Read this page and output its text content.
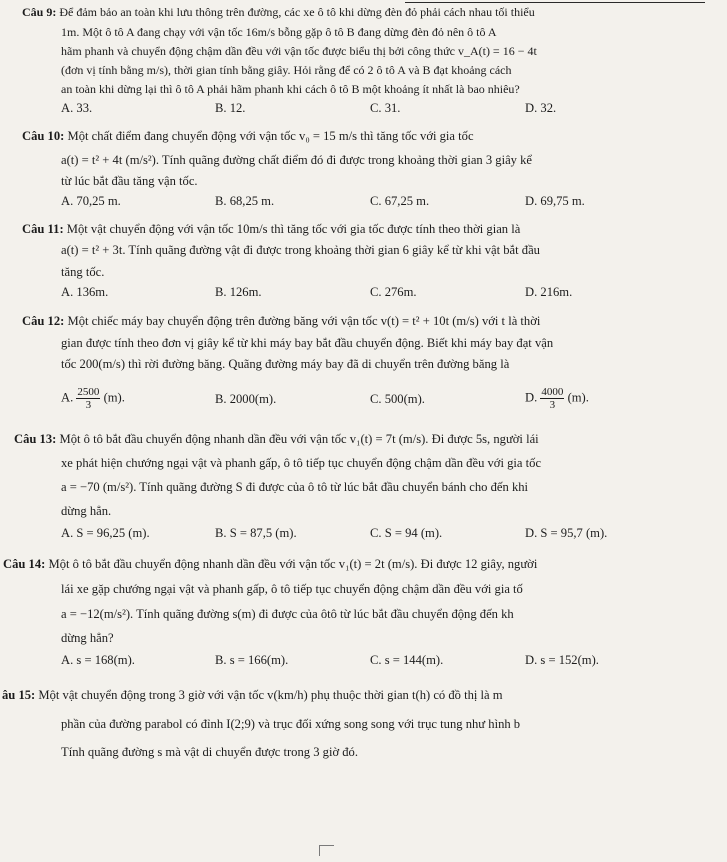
Câu 9: Để đảm bảo an toàn khi lưu thông trên đường, các xe ô tô khi dừng đèn đỏ phải cách nhau tối thiểu
1m. Một ô tô A đang chạy với vận tốc 16m/s bỗng gặp ô tô B đang dừng đèn đỏ nên ô tô A
hãm phanh và chuyển động chậm dần đều với vận tốc được biểu thị bởi công thức v_A(t) = 16 − 4t
(đơn vị tính bằng m/s), thời gian tính bằng giây. Hỏi rằng để có 2 ô tô A và B đạt khoảng cách
an toàn khi dừng lại thì ô tô A phải hãm phanh khi cách ô tô B một khoảng ít nhất là bao nhiêu?
A. 33.	B. 12.	C. 31.	D. 32.
Câu 10: Một chất điểm đang chuyển động với vận tốc v₀ = 15 m/s thì tăng tốc với gia tốc
a(t) = t² + 4t (m/s²). Tính quãng đường chất điểm đó đi được trong khoảng thời gian 3 giây kể
từ lúc bắt đầu tăng vận tốc.
A. 70,25 m.	B. 68,25 m.	C. 67,25 m.	D. 69,75 m.
Câu 11: Một vật chuyển động với vận tốc 10m/s thì tăng tốc với gia tốc được tính theo thời gian là
a(t) = t² + 3t. Tính quãng đường vật đi được trong khoảng thời gian 6 giây kể từ khi vật bắt đầu
tăng tốc.
A. 136m.	B. 126m.	C. 276m.	D. 216m.
Câu 12: Một chiếc máy bay chuyển động trên đường băng với vận tốc v(t) = t² + 10t (m/s) với t là thời
gian được tính theo đơn vị giây kể từ khi máy bay bắt đầu chuyển động. Biết khi máy bay đạt vận
tốc 200(m/s) thì rời đường băng. Quãng đường máy bay đã di chuyển trên đường băng là
A. $\frac{2500}{3} (m)$.	B. 2000(m).	C. 500(m).	D. $\frac{4000}{3} (m)$.
Câu 13: Một ô tô bắt đầu chuyển động nhanh dần đều với vận tốc v₁(t) = 7t (m/s). Đi được 5s, người lái
xe phát hiện chướng ngại vật và phanh gấp, ô tô tiếp tục chuyển động chậm dần đều với gia tốc
a = −70 (m/s²). Tính quãng đường S đi được của ô tô từ lúc bắt đầu chuyển bánh cho đến khi
dừng hẳn.
A. S = 96,25 (m).	B. S = 87,5 (m).	C. S = 94 (m).	D. S = 95,7 (m).
Câu 14: Một ô tô bắt đầu chuyển động nhanh dần đều với vận tốc v₁(t) = 2t (m/s). Đi được 12 giây, người
lái xe gặp chướng ngại vật và phanh gấp, ô tô tiếp tục chuyển động chậm dần đều với gia tố
a = −12(m/s²). Tính quãng đường s(m) đi được của ôtô từ lúc bắt đầu chuyển động đến kh
dừng hẳn?
A. s = 168(m).	B. s = 166(m).	C. s = 144(m).	D. s = 152(m).
âu 15: Một vật chuyển động trong 3 giờ với vận tốc v(km/h) phụ thuộc thời gian t(h) có đồ thị là m
phần của đường parabol có đỉnh I(2;9) và trục đối xứng song song với trục tung như hình b
Tính quãng đường s mà vật di chuyển được trong 3 giờ đó.
